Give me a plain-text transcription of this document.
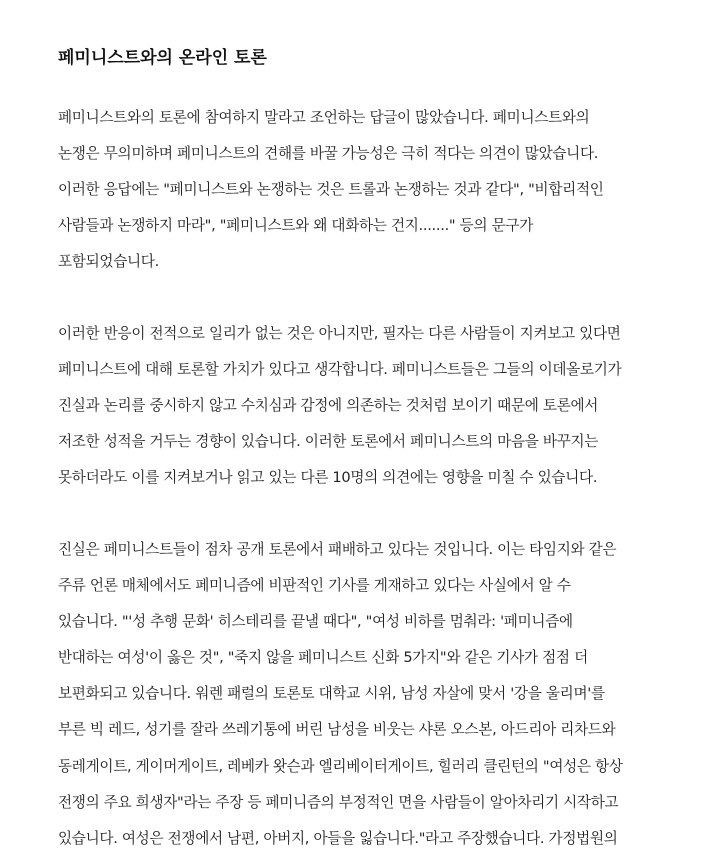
페미니스트와의 온라인 토론
페미니스트와의 토론에 참여하지 말라고 조언하는 답글이 많았습니다. 페미니스트와의
논쟁은 무의미하며 페미니스트의 견해를 바꿀 가능성은 극히 적다는 의견이 많았습니다.
이러한 응답에는 "페미니스트와 논쟁하는 것은 트롤과 논쟁하는 것과 같다", "비합리적인
사람들과 논쟁하지 마라", "페미니스트와 왜 대화하는 건지......." 등의 문구가
포함되었습니다.
이러한 반응이 전적으로 일리가 없는 것은 아니지만, 필자는 다른 사람들이 지켜보고 있다면
페미니스트에 대해 토론할 가치가 있다고 생각합니다. 페미니스트들은 그들의 이데올로기가
진실과 논리를 중시하지 않고 수치심과 감정에 의존하는 것처럼 보이기 때문에 토론에서
저조한 성적을 거두는 경향이 있습니다. 이러한 토론에서 페미니스트의 마음을 바꾸지는
못하더라도 이를 지켜보거나 읽고 있는 다른 10명의 의견에는 영향을 미칠 수 있습니다.
진실은 페미니스트들이 점차 공개 토론에서 패배하고 있다는 것입니다. 이는 타임지와 같은
주류 언론 매체에서도 페미니즘에 비판적인 기사를 게재하고 있다는 사실에서 알 수
있습니다. "'성 추행 문화' 히스테리를 끝낼 때다", "여성 비하를 멈춰라: '페미니즘에
반대하는 여성'이 옳은 것", "죽지 않을 페미니스트 신화 5가지"와 같은 기사가 점점 더
보편화되고 있습니다. 워렌 패럴의 토론토 대학교 시위, 남성 자살에 맞서 '강을 울리며'를
부른 빅 레드, 성기를 잘라 쓰레기통에 버린 남성을 비웃는 샤론 오스본, 아드리아 리차드와
동레게이트, 게이머게이트, 레베카 왓슨과 엘리베이터게이트, 힐러리 클린턴의 "여성은 항상
전쟁의 주요 희생자"라는 주장 등 페미니즘의 부정적인 면을 사람들이 알아차리기 시작하고
있습니다. 여성은 전쟁에서 남편, 아버지, 아들을 잃습니다."라고 주장했습니다. 가정법원의
